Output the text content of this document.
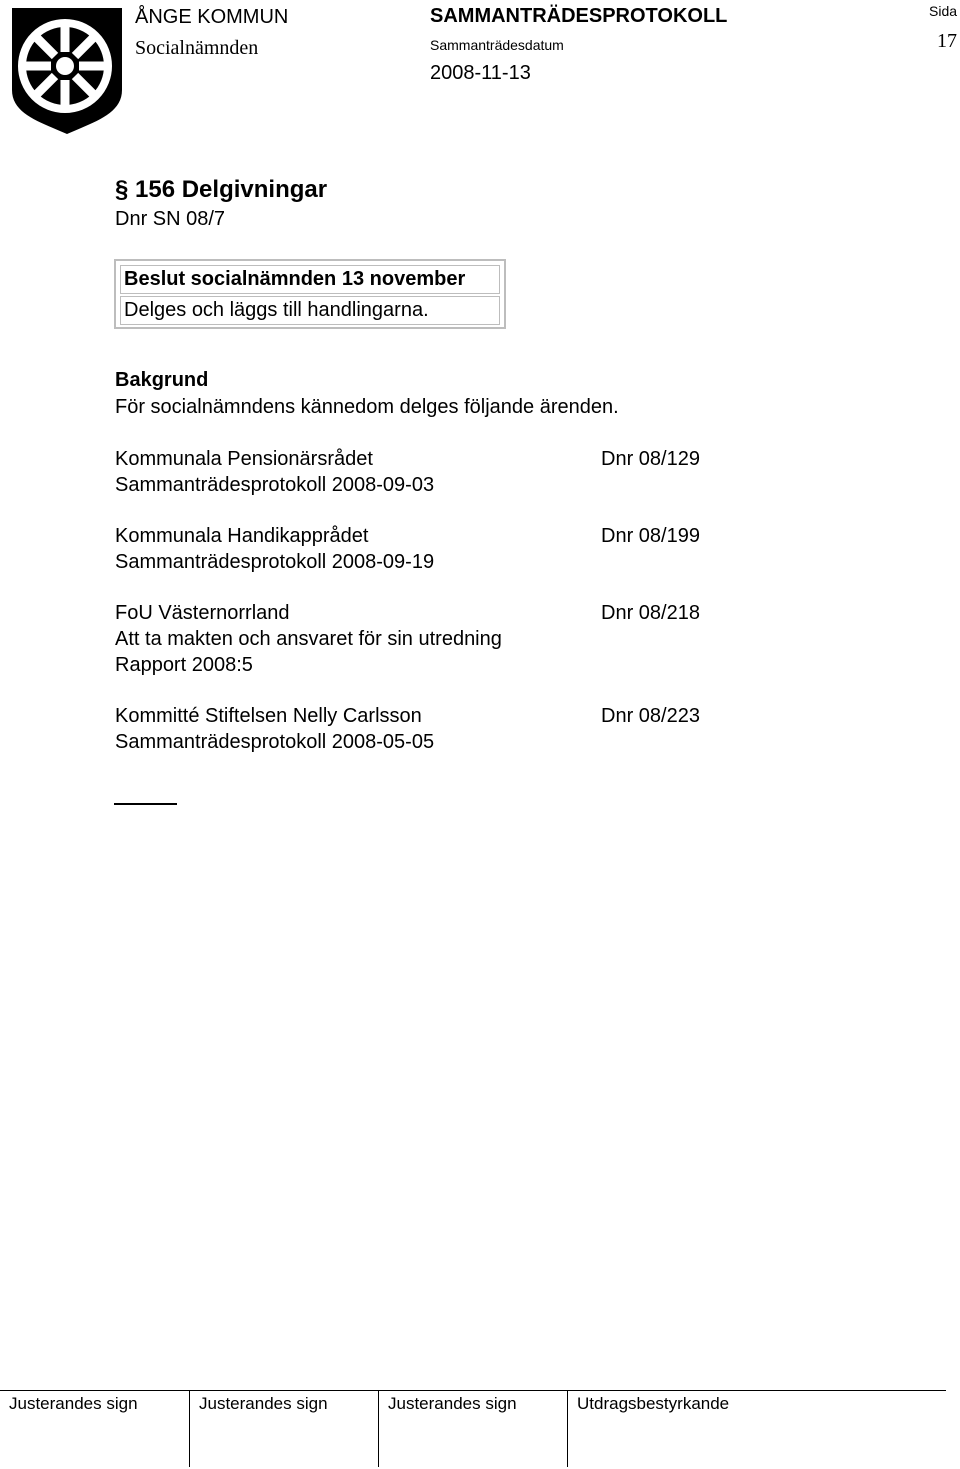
ÅNGE KOMMUN
Socialnämnden
SAMMANTRÄDESPROTOKOLL
Sammanträdesdatum
2008-11-13
Sida
17
§ 156 Delgivningar
Dnr SN 08/7
Beslut socialnämnden 13 november
Delges och läggs till handlingarna.
Bakgrund
För socialnämndens kännedom delges följande ärenden.
Kommunala Pensionärsrådet
Sammanträdesprotokoll 2008-09-03
Dnr 08/129
Kommunala Handikapprådet
Sammanträdesprotokoll 2008-09-19
Dnr 08/199
FoU Västernorrland
Att ta makten och ansvaret för sin utredning
Rapport 2008:5
Dnr 08/218
Kommitté Stiftelsen Nelly Carlsson
Sammanträdesprotokoll 2008-05-05
Dnr 08/223
Justerandes sign	Justerandes sign	Justerandes sign	Utdragsbestyrkande
